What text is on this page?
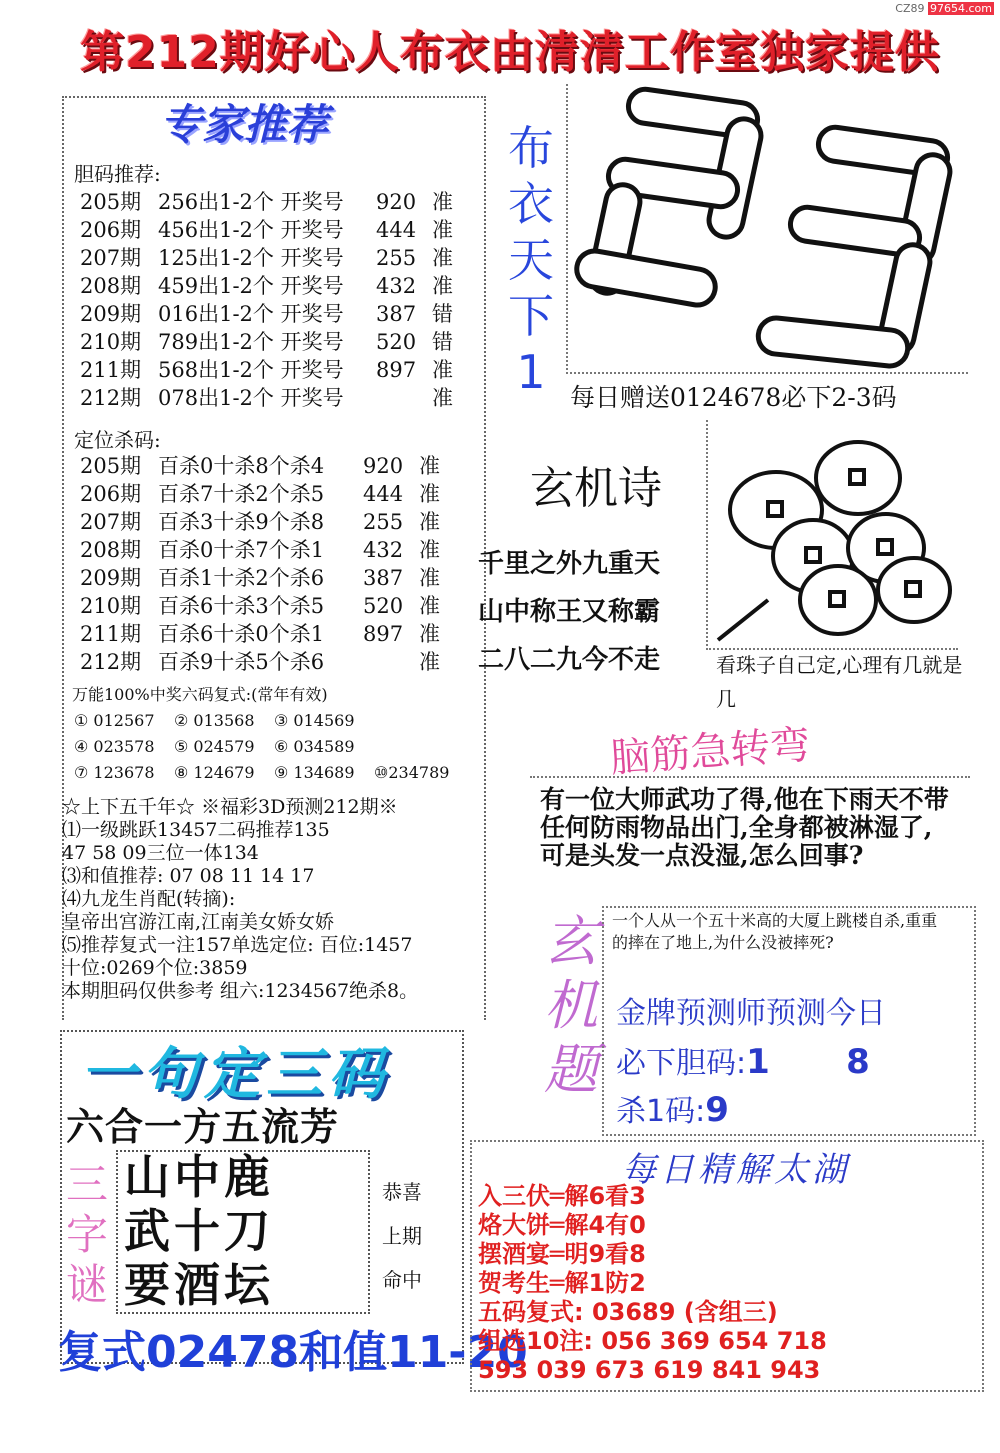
CZ89 97654.com
第212期好心人布衣由清清工作室独家提供
专家推荐
胆码推荐:
205期 256出1-2个 开奖号 920 准
206期 456出1-2个 开奖号 444 准
207期 125出1-2个 开奖号 255 准
208期 459出1-2个 开奖号 432 准
209期 016出1-2个 开奖号 387 错
210期 789出1-2个 开奖号 520 错
211期 568出1-2个 开奖号 897 准
212期 078出1-2个 开奖号	准
定位杀码:
205期 百杀0十杀8个杀4 920 准
206期 百杀7十杀2个杀5 444 准
207期 百杀3十杀9个杀8 255 准
208期 百杀0十杀7个杀1 432 准
209期 百杀1十杀2个杀6 387 准
210期 百杀6十杀3个杀5 520 准
211期 百杀6十杀0个杀1 897 准
212期 百杀9十杀5个杀6	准
万能100%中奖六码复式:(常年有效)
① 012567 ② 013568 ③ 014569
④ 023578 ⑤ 024579 ⑥ 034589
⑦ 123678 ⑧ 124679 ⑨ 134689 ⑩234789
☆上下五千年☆ ※福彩3D预测212期※
⑴一级跳跃13457二码推荐135
47 58 09三位一体134
⑶和值推荐: 07 08 11 14 17
⑷九龙生肖配(转摘):
皇帝出宫游江南,江南美女娇女娇
⑸推荐复式一注157单选定位: 百位:1457
十位:0269个位:3859
本期胆码仅供参考 组六:1234567绝杀8。
一句定三码
六合一方五流芳
三字谜
山中鹿
武十刀
要酒坛
恭喜
上期
命中
复式02478和值11-20
布衣天下1 每日赠送0124678必下2-3码
玄机诗
千里之外九重天
山中称王又称霸
二八二九今不走	看珠子自己定,心理有几就是几
脑筋急转弯
有一位大师武功了得,他在下雨天不带任何防雨物品出门,全身都被淋湿了,可是头发一点没湿,怎么回事?
玄机题
一个人从一个五十米高的大厦上跳楼自杀,重重的摔在了地上,为什么没被摔死?
金牌预测师预测今日
必下胆码:1 8
杀1码:9
每日精解太湖
入三伏═解6看3
烙大饼═解4有0
摆酒宴═明9看8
贺考生═解1防2
五码复式: 03689 (含组三)
组选10注: 056 369 654 718
593 039 673 619 841 943
